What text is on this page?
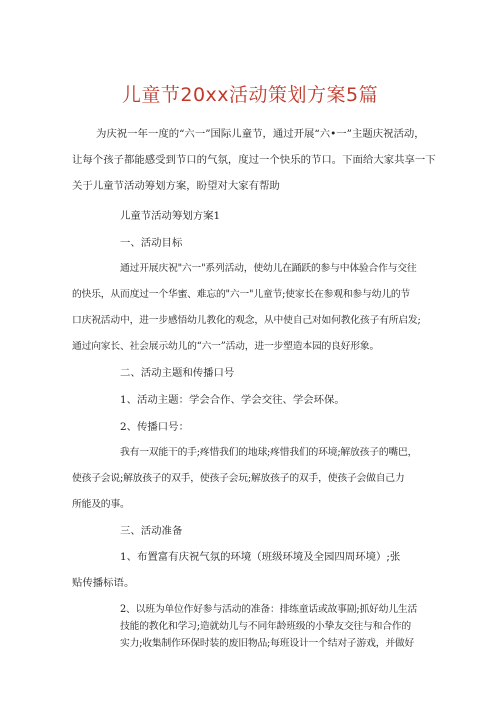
儿童节20xx活动策划方案5篇
为庆祝一年一度的“六一”国际儿童节，通过开展“六•一”主题庆祝活动，
让每个孩子都能感受到节口的气氛，度过一个快乐的节口。下面给大家共享一下
关于儿童节活动筹划方案，盼望对大家有帮助
儿童节活动筹划方案1
一、活动目标
通过开展庆祝"六一"系列活动，使幼儿在踊跃的参与中体验合作与交往
的快乐，从而度过一个华蜜、难忘的"六一"儿童节;使家长在参观和参与幼儿的节
口庆祝活动中，进一步感悟幼儿教化的观念，从中使自己对如何教化孩子有所启发;
通过向家长、社会展示幼儿的“六一”活动，进一步塑造本园的良好形象。
二、活动主题和传播口号
1、活动主题：学会合作、学会交往、学会环保。
2、传播口号：
我有一双能干的手;疼惜我们的地球;疼惜我们的环境;解放孩子的嘴巴，
使孩子会说;解放孩子的双手，使孩子会玩;解放孩子的双手，使孩子会做自己力
所能及的事。
三、活动准备
1、布置富有庆祝气氛的环境（班级环境及全园四周环境）;张
贴传播标语。
2、以班为单位作好参与活动的准备：排练童话或故事剧;抓好幼儿生活
技能的教化和学习;造就幼儿与不同年龄班级的小挚友交往与和合作的
实力;收集制作环保时装的废旧物品;每班设计一个结对子游戏，并做好
